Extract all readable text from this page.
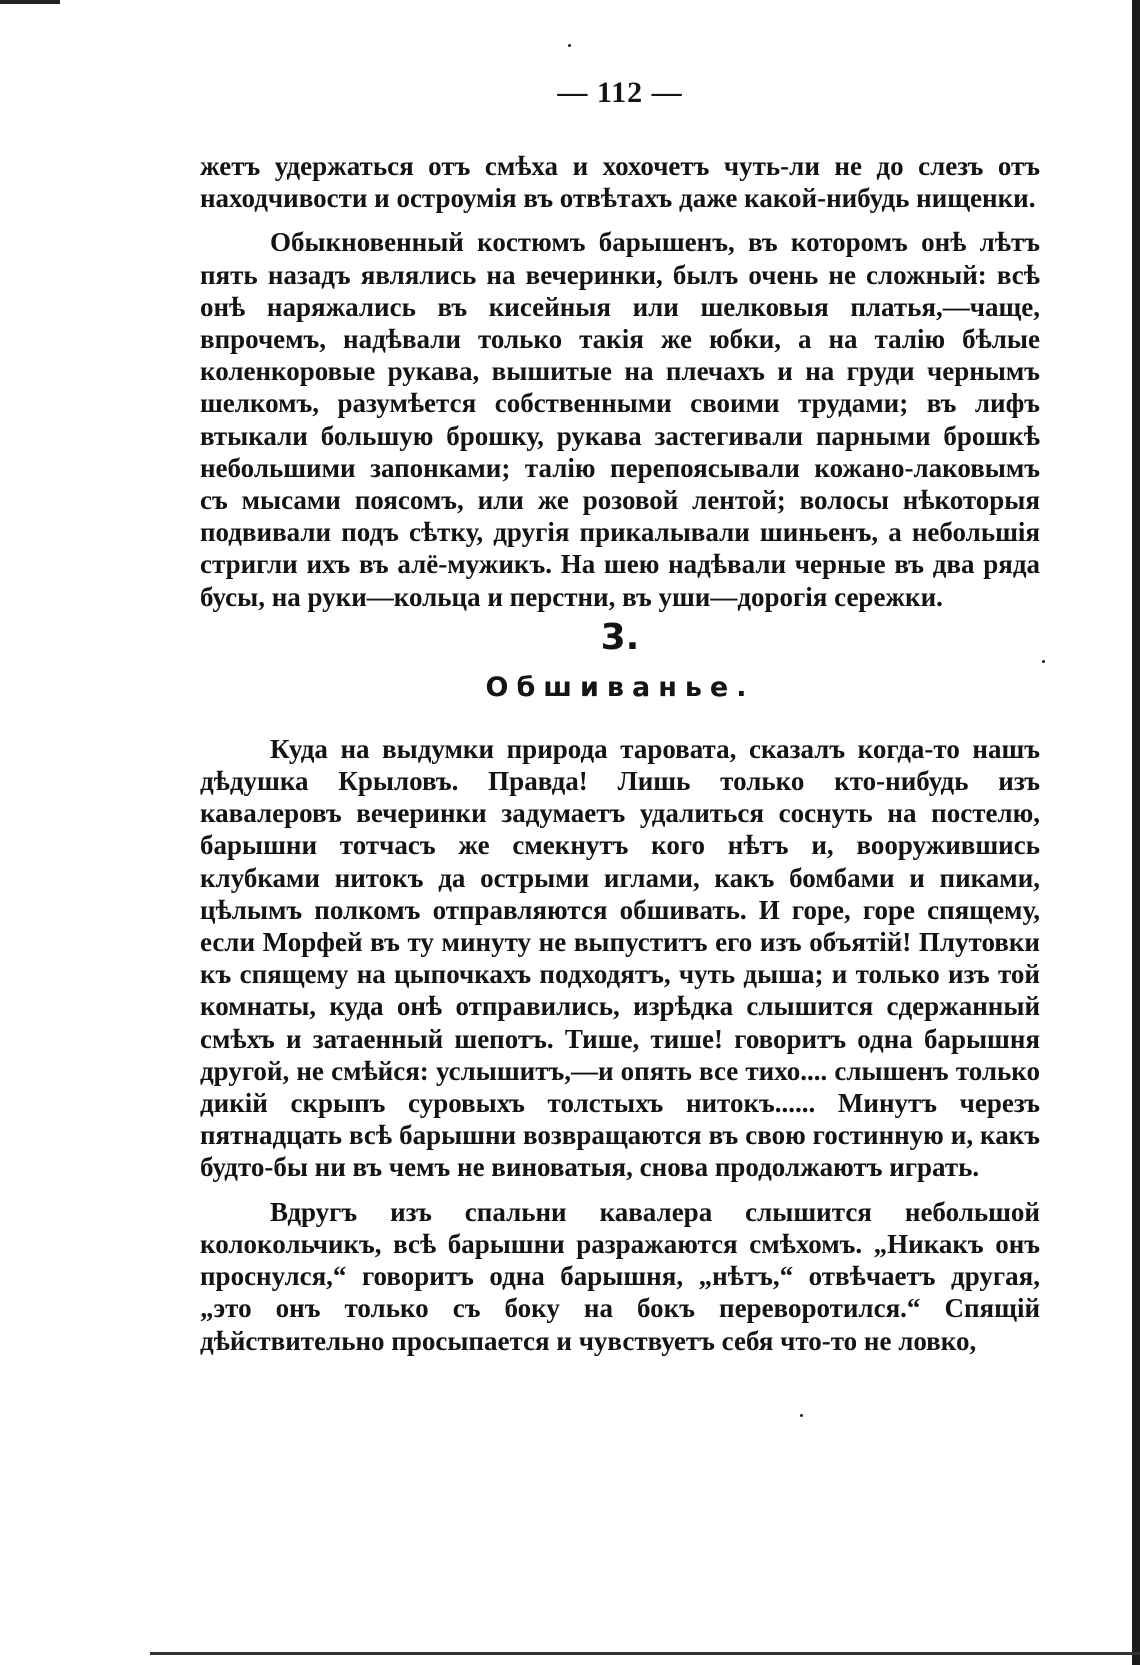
— 112 —

жетъ удержаться отъ смѣха и хохочетъ чуть-ли не до слезъ отъ находчивости и остроумія въ отвѣтахъ даже какой-нибудь нищенки.

Обыкновенный костюмъ барышенъ, въ которомъ онѣ лѣтъ пять назадъ являлись на вечеринки, былъ очень не сложный: всѣ онѣ наряжались въ кисейныя или шелковыя платья,—чаще, впрочемъ, надѣвали только такія же юбки, а на талію бѣлые коленкоровые рукава, вышитые на плечахъ и на груди чернымъ шелкомъ, разумѣется собственными своими трудами; въ лифъ втыкали большую брошку, рукава застегивали парными брошкѣ небольшими запонками; талію перепоясывали кожано-лаковымъ съ мысами поясомъ, или же розовой лентой; волосы нѣкоторыя подвивали подъ сѣтку, другія прикалывали шиньенъ, а небольшія стригли ихъ въ алё-мужикъ. На шею надѣвали черные въ два ряда бусы, на руки—кольца и перстни, въ уши—дорогія сережки.

3.
Обшиванье.

Куда на выдумки природа таровата, сказалъ когда-то нашъ дѣдушка Крыловъ. Правда! Лишь только кто-нибудь изъ кавалеровъ вечеринки задумаетъ удалиться соснуть на постелю, барышни тотчасъ же смекнутъ кого нѣтъ и, вооружившись клубками нитокъ да острыми иглами, какъ бомбами и пиками, цѣлымъ полкомъ отправляются обшивать. И горе, горе спящему, если Морфей въ ту минуту не выпуститъ его изъ объятій! Плутовки къ спящему на цыпочкахъ подходятъ, чуть дыша; и только изъ той комнаты, куда онѣ отправились, изрѣдка слышится сдержанный смѣхъ и затаенный шепотъ. Тише, тише! говоритъ одна барышня другой, не смѣйся: услышитъ,—и опять все тихо.... слышенъ только дикій скрыпъ суровыхъ толстыхъ нитокъ...... Минутъ черезъ пятнадцать всѣ барышни возвращаются въ свою гостинную и, какъ будто-бы ни въ чемъ не виноватыя, снова продолжаютъ играть.

Вдругъ изъ спальни кавалера слышится небольшой колокольчикъ, всѣ барышни разражаются смѣхомъ. „Никакъ онъ проснулся,“ говоритъ одна барышня, „нѣтъ,“ отвѣчаетъ другая, „это онъ только съ боку на бокъ переворотился.“ Спящій дѣйствительно просыпается и чувствуетъ себя что-то не ловко,
